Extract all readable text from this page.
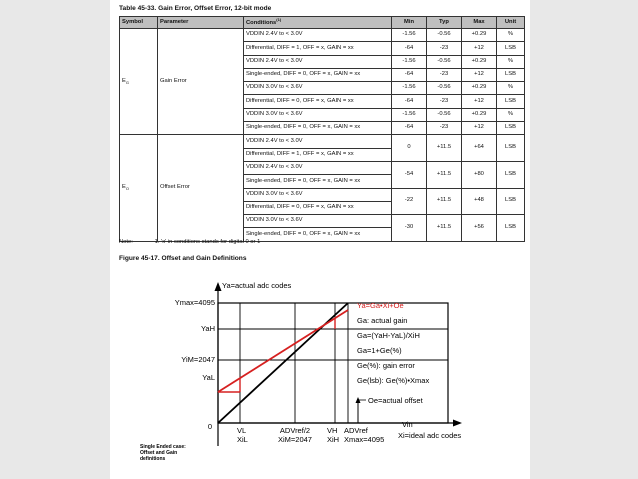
Table 45-33. Gain Error, Offset Error, 12-bit mode
Symbol	Parameter	Conditions$^{(1)}$	Min	Typ	Max	Unit
$E_G$	Gain Error	VDDIN 2.4V to < 3.0V	-1.56	-0.56	+0.29	%
		Differential, DIFF = 1, OFF = x, GAIN = xx	-64	-23	+12	LSB
		VDDIN 2.4V to < 3.0V	-1.56	-0.56	+0.29	%
		Single-ended, DIFF = 0, OFF = x, GAIN = xx	-64	-23	+12	LSB
		VDDIN 3.0V to < 3.6V	-1.56	-0.56	+0.29	%
		Differential, DIFF = 0, OFF = x, GAIN = xx	-64	-23	+12	LSB
		VDDIN 3.0V to < 3.6V	-1.56	-0.56	+0.29	%
		Single-ended, DIFF = 0, OFF = x, GAIN = xx	-64	-23	+12	LSB
$E_O$	Offset Error	VDDIN 2.4V to < 3.0V	0	+11.5	+64	LSB
		Differential, DIFF = 1, OFF = x, GAIN = xx				
		VDDIN 2.4V to < 3.0V	-54	+11.5	+80	LSB
		Single-ended, DIFF = 0, OFF = x, GAIN = xx				
		VDDIN 3.0V to < 3.6V	-22	+11.5	+48	LSB
		Differential, DIFF = 0, OFF = x, GAIN = xx				
		VDDIN 3.0V to < 3.6V	-30	+11.5	+56	LSB
		Single-ended, DIFF = 0, OFF = x, GAIN = xx				
Note:	1. 'x' in conditions stands for digital 0 or 1
Figure 45-17. Offset and Gain Definitions
Ya=actual adc codes
Ymax=4095
YaH
YiM=2047
YaL
0	VL	ADVref/2 VH ADVref
XiL	XiM=2047 XiH Xmax=4095
Vin
Xi=ideal adc codes
Ya=Ga•Xi+Oe
Ga: actual gain
Ga=(YaH-YaL)/XiH
Ga=1+Ge(%)
Ge(%): gain error
Ge(lsb): Ge(%)•Xmax
Oe=actual offset
Single Ended case:
Offset and Gain
definitions
